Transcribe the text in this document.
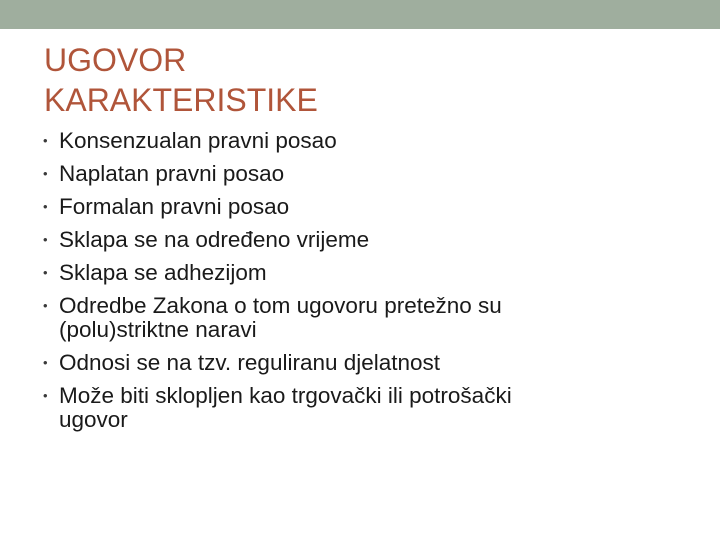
UGOVOR
KARAKTERISTIKE
• Konsenzualan pravni posao
• Naplatan pravni posao
• Formalan pravni posao
• Sklapa se na određeno vrijeme
• Sklapa se adhezijom
• Odredbe Zakona o tom ugovoru pretežno su
(polu)striktne naravi
• Odnosi se na tzv. reguliranu djelatnost
• Može biti sklopljen kao trgovački ili potrošački
ugovor
